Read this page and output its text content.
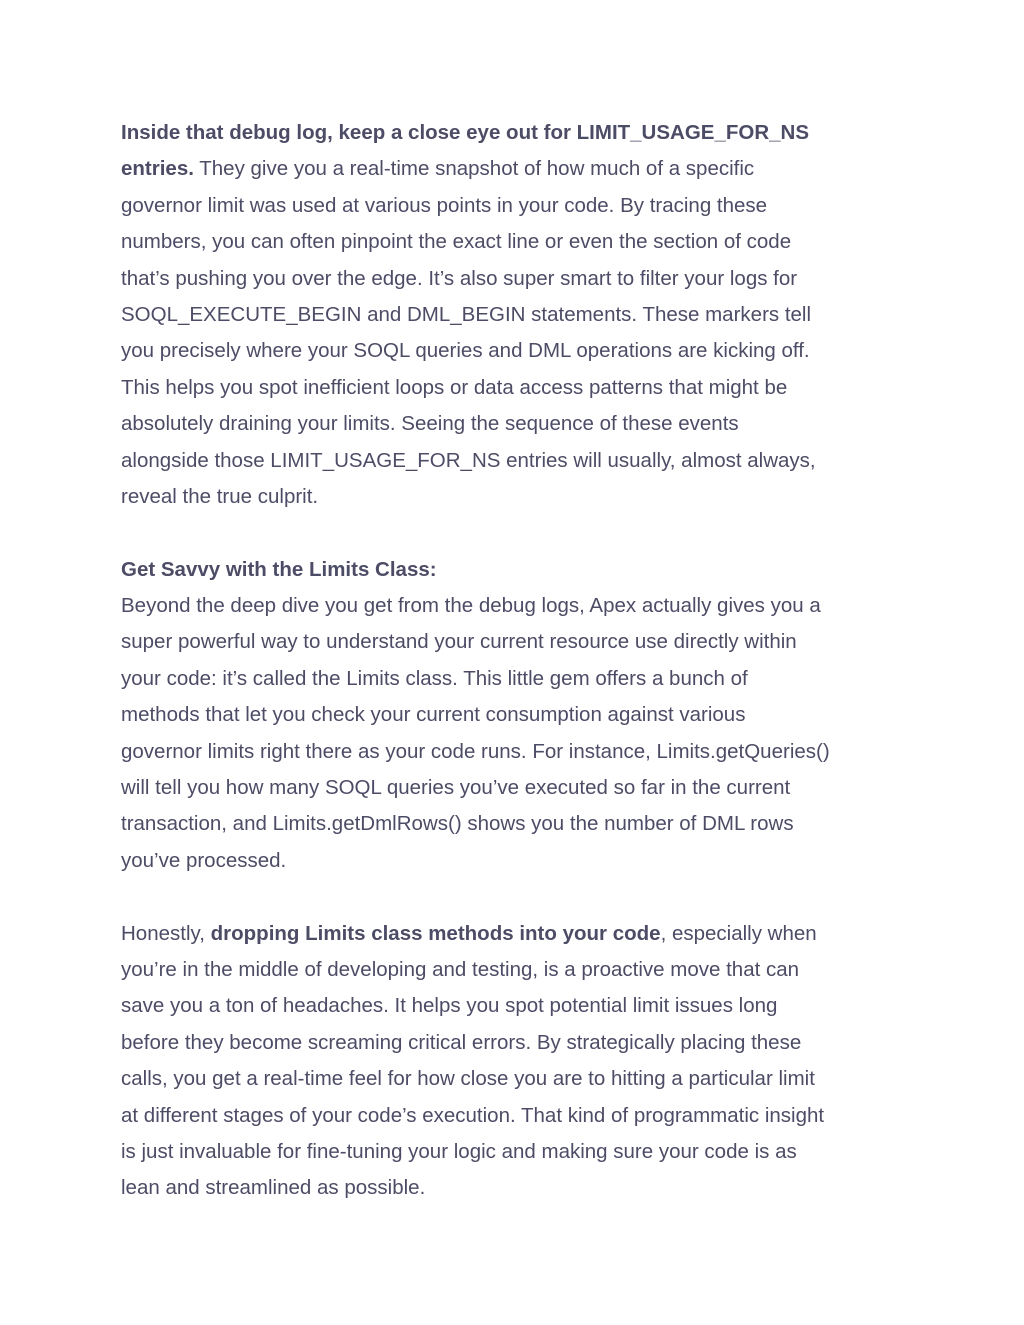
Inside that debug log, keep a close eye out for LIMIT_USAGE_FOR_NS
entries. They give you a real-time snapshot of how much of a specific
governor limit was used at various points in your code. By tracing these
numbers, you can often pinpoint the exact line or even the section of code
that’s pushing you over the edge. It’s also super smart to filter your logs for
SOQL_EXECUTE_BEGIN and DML_BEGIN statements. These markers tell
you precisely where your SOQL queries and DML operations are kicking off.
This helps you spot inefficient loops or data access patterns that might be
absolutely draining your limits. Seeing the sequence of these events
alongside those LIMIT_USAGE_FOR_NS entries will usually, almost always,
reveal the true culprit.

Get Savvy with the Limits Class:
Beyond the deep dive you get from the debug logs, Apex actually gives you a
super powerful way to understand your current resource use directly within
your code: it’s called the Limits class. This little gem offers a bunch of
methods that let you check your current consumption against various
governor limits right there as your code runs. For instance, Limits.getQueries()
will tell you how many SOQL queries you’ve executed so far in the current
transaction, and Limits.getDmlRows() shows you the number of DML rows
you’ve processed.

Honestly, dropping Limits class methods into your code, especially when
you’re in the middle of developing and testing, is a proactive move that can
save you a ton of headaches. It helps you spot potential limit issues long
before they become screaming critical errors. By strategically placing these
calls, you get a real-time feel for how close you are to hitting a particular limit
at different stages of your code’s execution. That kind of programmatic insight
is just invaluable for fine-tuning your logic and making sure your code is as
lean and streamlined as possible.
